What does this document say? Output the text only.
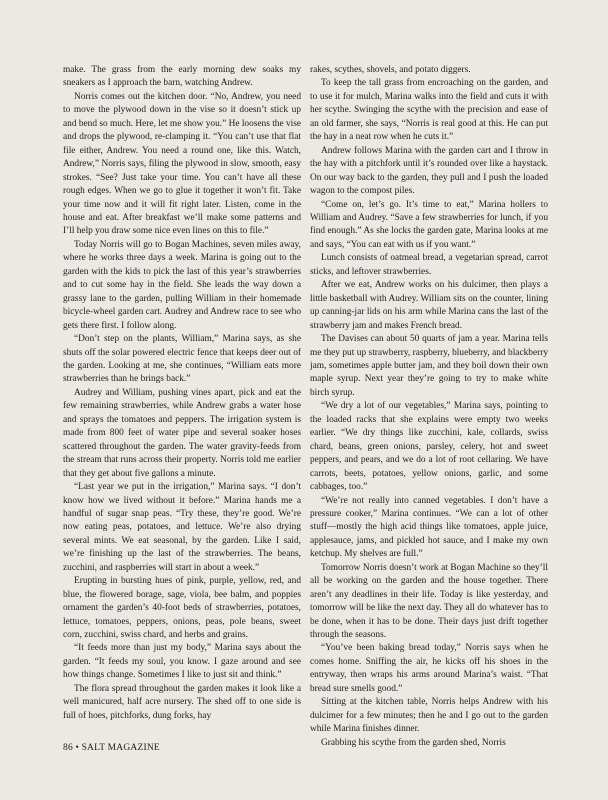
make. The grass from the early morning dew soaks my sneakers as I approach the barn, watching Andrew.

Norris comes out the kitchen door. “No, Andrew, you need to move the plywood down in the vise so it doesn’t stick up and bend so much. Here, let me show you.” He loosens the vise and drops the plywood, re-clamping it. “You can’t use that flat file either, Andrew. You need a round one, like this. Watch, Andrew,” Norris says, filing the plywood in slow, smooth, easy strokes. “See? Just take your time. You can’t have all these rough edges. When we go to glue it together it won’t fit. Take your time now and it will fit right later. Listen, come in the house and eat. After breakfast we’ll make some patterns and I’ll help you draw some nice even lines on this to file.”

Today Norris will go to Bogan Machines, seven miles away, where he works three days a week. Marina is going out to the garden with the kids to pick the last of this year’s strawberries and to cut some hay in the field. She leads the way down a grassy lane to the garden, pulling William in their homemade bicycle-wheel garden cart. Audrey and Andrew race to see who gets there first. I follow along.

“Don’t step on the plants, William,” Marina says, as she shuts off the solar powered electric fence that keeps deer out of the garden. Looking at me, she continues, “William eats more strawberries than he brings back.”

Audrey and William, pushing vines apart, pick and eat the few remaining strawberries, while Andrew grabs a water hose and sprays the tomatoes and peppers. The irrigation system is made from 800 feet of water pipe and several soaker hoses scattered throughout the garden. The water gravity-feeds from the stream that runs across their property. Norris told me earlier that they get about five gallons a minute.

“Last year we put in the irrigation,” Marina says. “I don’t know how we lived without it before.” Marina hands me a handful of sugar snap peas. “Try these, they’re good. We’re now eating peas, potatoes, and lettuce. We’re also drying several mints. We eat seasonal, by the garden. Like I said, we’re finishing up the last of the strawberries. The beans, zucchini, and raspberries will start in about a week.”

Erupting in bursting hues of pink, purple, yellow, red, and blue, the flowered borage, sage, viola, bee balm, and poppies ornament the garden’s 40-foot beds of strawberries, potatoes, lettuce, tomatoes, peppers, onions, peas, pole beans, sweet corn, zucchini, swiss chard, and herbs and grains.

“It feeds more than just my body,” Marina says about the garden. “It feeds my soul, you know. I gaze around and see how things change. Sometimes I like to just sit and think.”

The flora spread throughout the garden makes it look like a well manicured, half acre nursery. The shed off to one side is full of hoes, pitchforks, dung forks, hay

rakes, scythes, shovels, and potato diggers.

To keep the tall grass from encroaching on the garden, and to use it for mulch, Marina walks into the field and cuts it with her scythe. Swinging the scythe with the precision and ease of an old farmer, she says, “Norris is real good at this. He can put the hay in a neat row when he cuts it.”

Andrew follows Marina with the garden cart and I throw in the hay with a pitchfork until it’s rounded over like a haystack. On our way back to the garden, they pull and I push the loaded wagon to the compost piles.

“Come on, let’s go. It’s time to eat,” Marina hollers to William and Audrey. “Save a few strawberries for lunch, if you find enough.” As she locks the garden gate, Marina looks at me and says, “You can eat with us if you want.”

Lunch consists of oatmeal bread, a vegetarian spread, carrot sticks, and leftover strawberries.

After we eat, Andrew works on his dulcimer, then plays a little basketball with Audrey. William sits on the counter, lining up canning-jar lids on his arm while Marina cans the last of the strawberry jam and makes French bread.

The Davises can about 50 quarts of jam a year. Marina tells me they put up strawberry, raspberry, blueberry, and blackberry jam, sometimes apple butter jam, and they boil down their own maple syrup. Next year they’re going to try to make white birch syrup.

“We dry a lot of our vegetables,” Marina says, pointing to the loaded racks that she explains were empty two weeks earlier. “We dry things like zucchini, kale, collards, swiss chard, beans, green onions, parsley, celery, hot and sweet peppers, and pears, and we do a lot of root cellaring. We have carrots, beets, potatoes, yellow onions, garlic, and some cabbages, too.”

“We’re not really into canned vegetables. I don’t have a pressure cooker,” Marina continues. “We can a lot of other stuff—mostly the high acid things like tomatoes, apple juice, applesauce, jams, and pickled hot sauce, and I make my own ketchup. My shelves are full.”

Tomorrow Norris doesn’t work at Bogan Machine so they’ll all be working on the garden and the house together. There aren’t any deadlines in their life. Today is like yesterday, and tomorrow will be like the next day. They all do whatever has to be done, when it has to be done. Their days just drift together through the seasons.

“You’ve been baking bread today,” Norris says when he comes home. Sniffing the air, he kicks off his shoes in the entryway, then wraps his arms around Marina’s waist. “That bread sure smells good.”

Sitting at the kitchen table, Norris helps Andrew with his dulcimer for a few minutes; then he and I go out to the garden while Marina finishes dinner.

Grabbing his scythe from the garden shed, Norris

86 • SALT MAGAZINE
